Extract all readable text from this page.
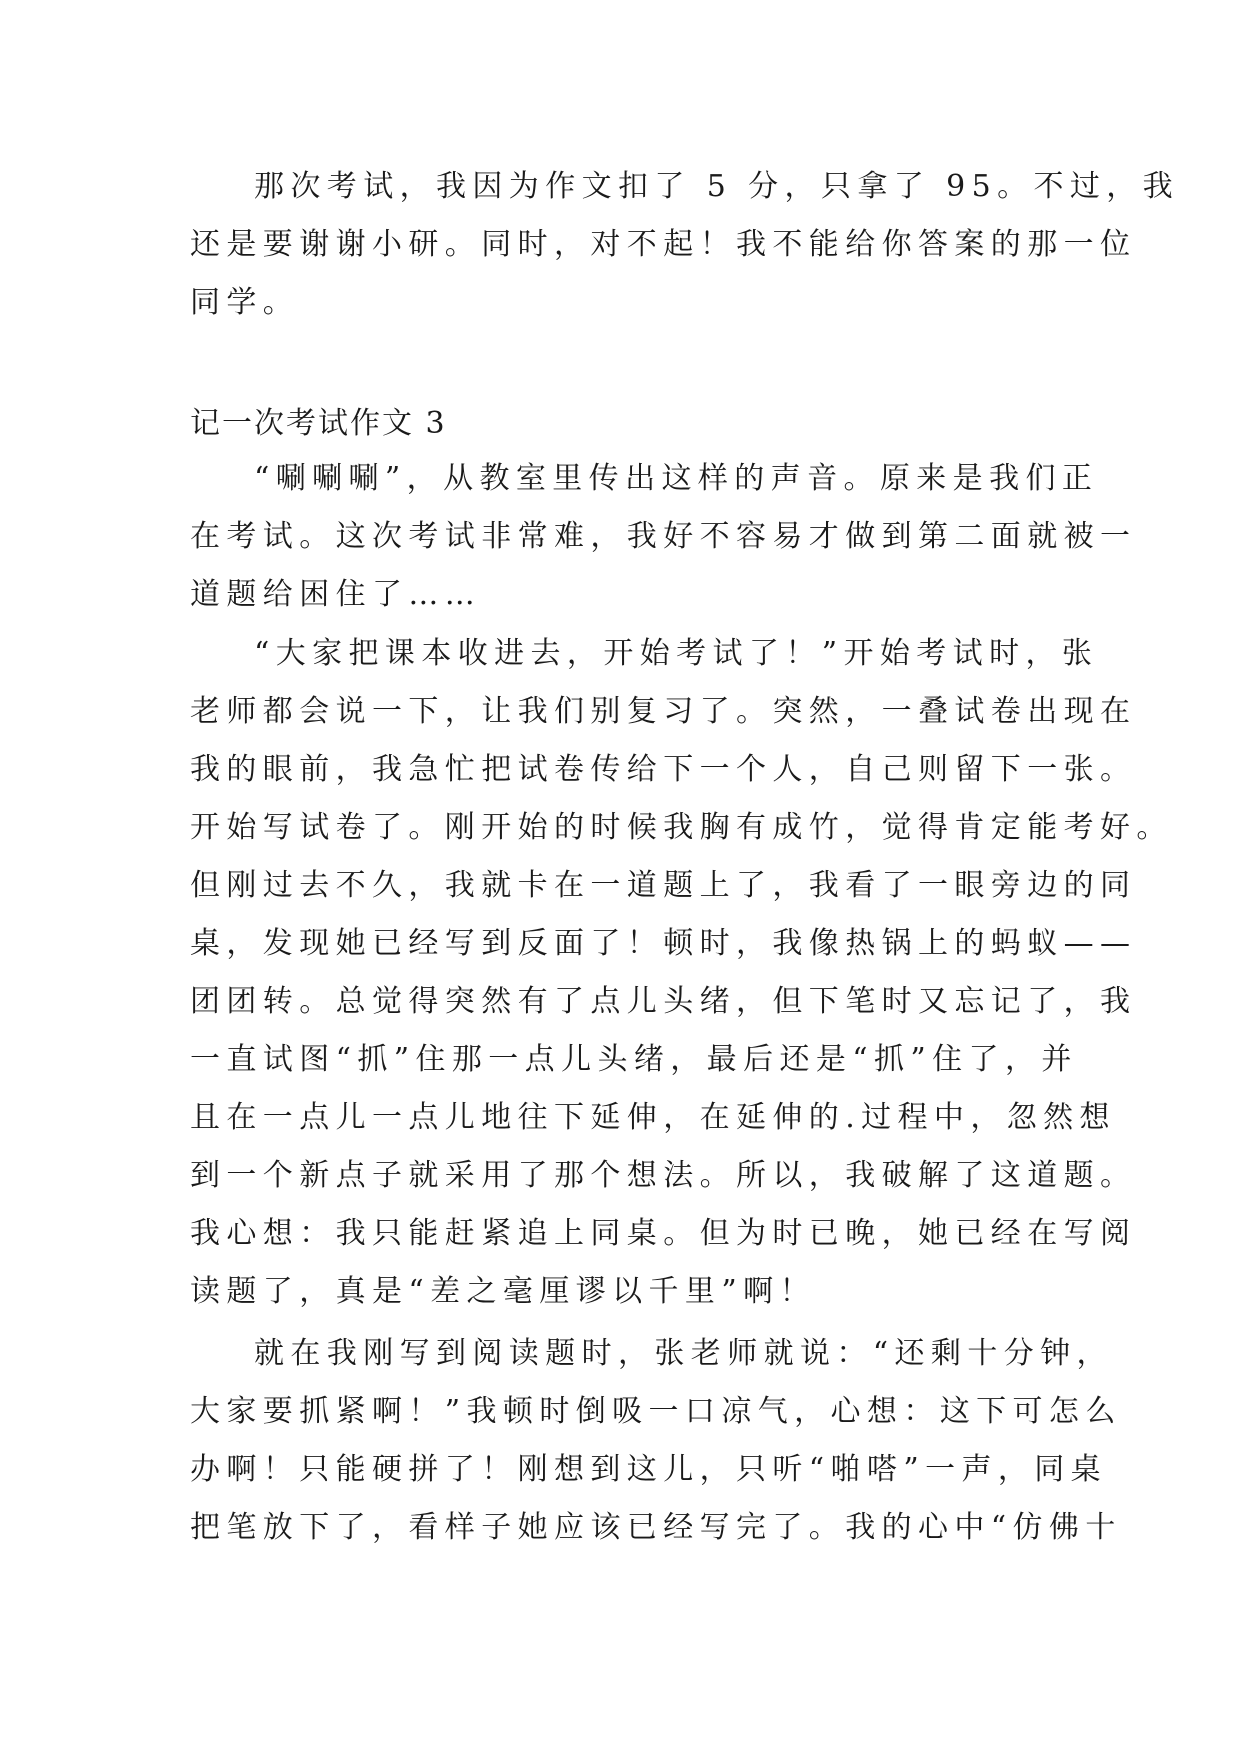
那次考试，我因为作文扣了 5 分，只拿了 95。不过，我
还是要谢谢小研。同时，对不起！我不能给你答案的那一位
同学。
记一次考试作文 3
“唰唰唰”，从教室里传出这样的声音。原来是我们正
在考试。这次考试非常难，我好不容易才做到第二面就被一
道题给困住了……
“大家把课本收进去，开始考试了！”开始考试时，张
老师都会说一下，让我们别复习了。突然，一叠试卷出现在
我的眼前，我急忙把试卷传给下一个人，自己则留下一张。
开始写试卷了。刚开始的时候我胸有成竹，觉得肯定能考好。
但刚过去不久，我就卡在一道题上了，我看了一眼旁边的同
桌，发现她已经写到反面了！顿时，我像热锅上的蚂蚁——
团团转。总觉得突然有了点儿头绪，但下笔时又忘记了，我
一直试图“抓”住那一点儿头绪，最后还是“抓”住了，并
且在一点儿一点儿地往下延伸，在延伸的.过程中，忽然想
到一个新点子就采用了那个想法。所以，我破解了这道题。
我心想：我只能赶紧追上同桌。但为时已晚，她已经在写阅
读题了，真是“差之毫厘谬以千里”啊！
就在我刚写到阅读题时，张老师就说：“还剩十分钟，
大家要抓紧啊！”我顿时倒吸一口凉气，心想：这下可怎么
办啊！只能硬拼了！刚想到这儿，只听“啪嗒”一声，同桌
把笔放下了，看样子她应该已经写完了。我的心中“仿佛十
